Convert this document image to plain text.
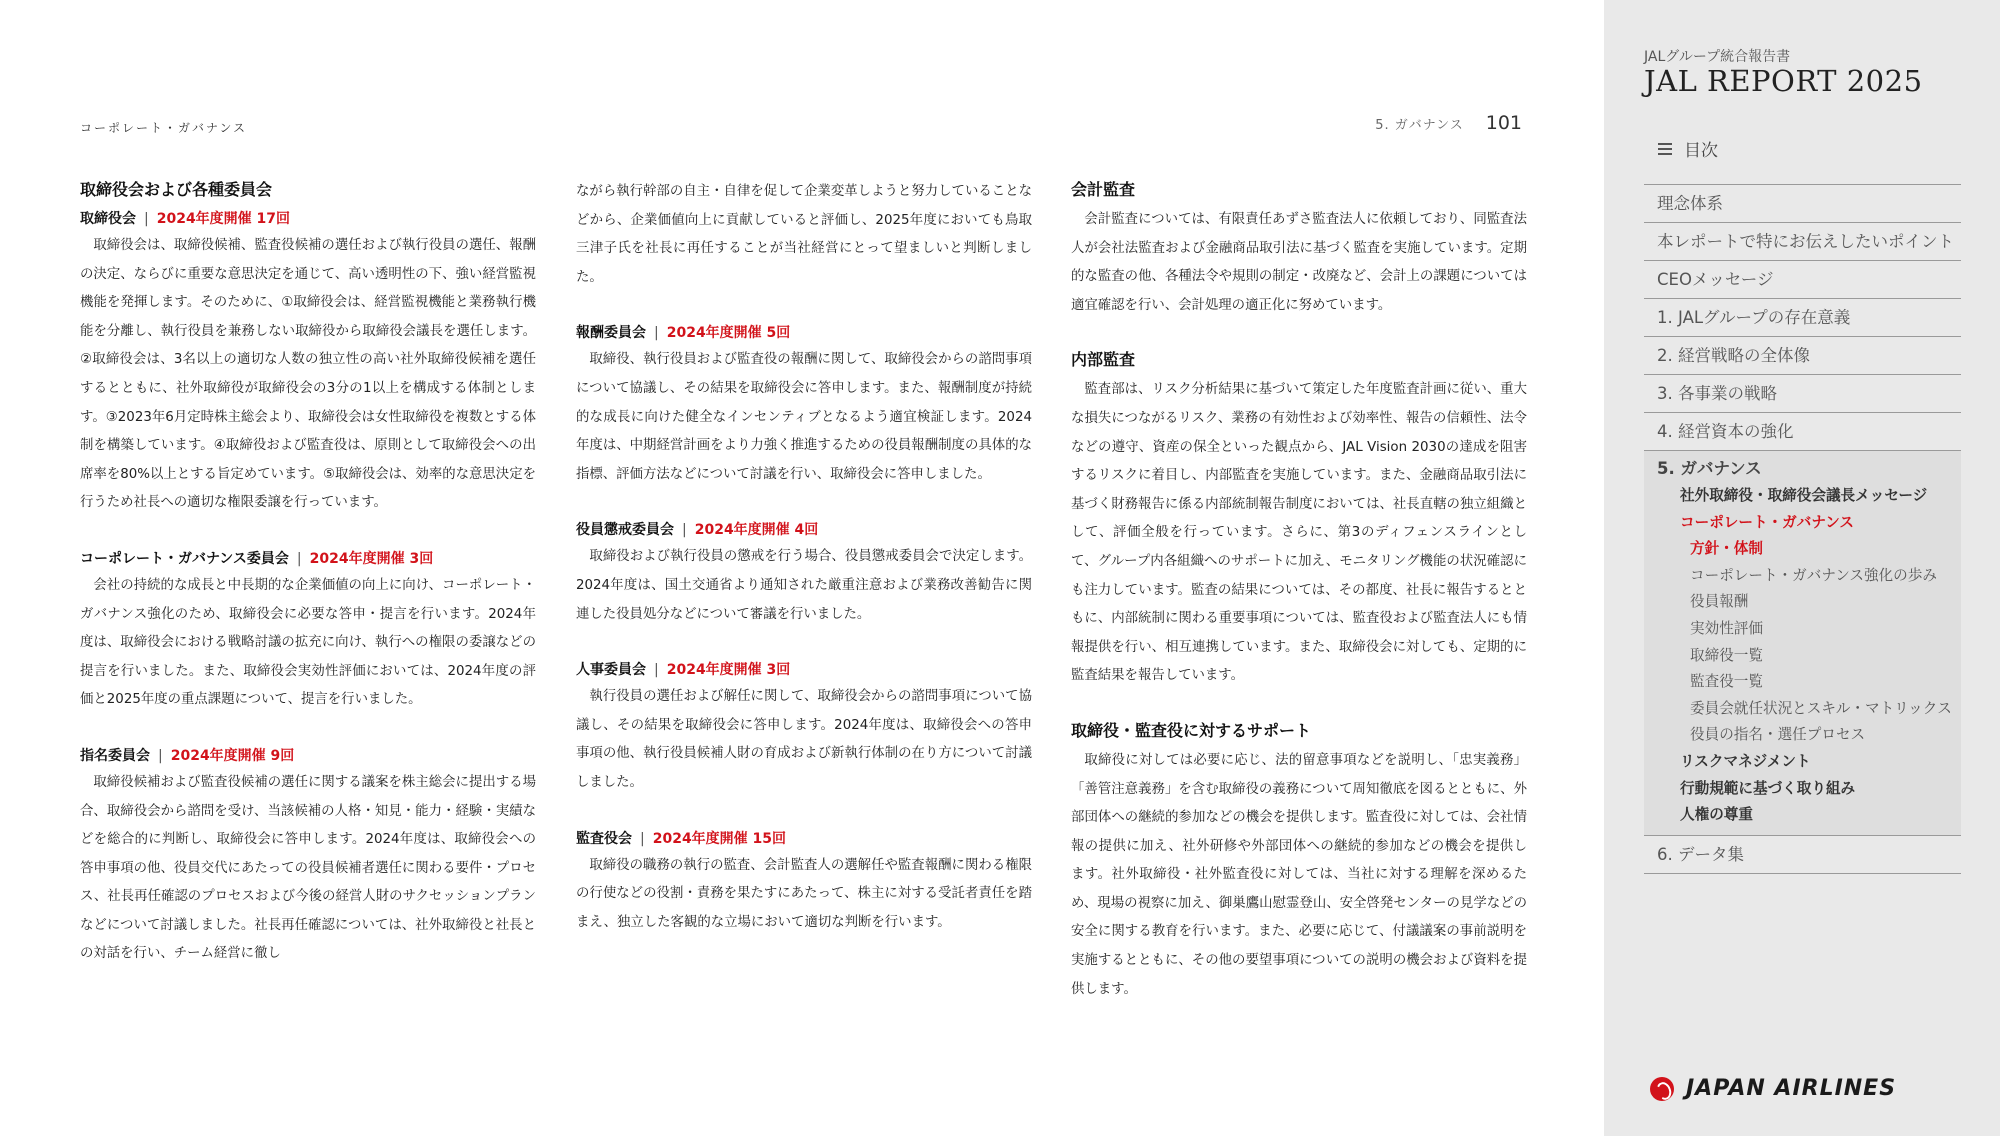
コーポレート・ガバナンス	5. ガバナンス 101
取締役会および各種委員会
取締役会 | 2024年度開催 17回

取締役会は、取締役候補、監査役候補の選任および執行役員の選任、報酬の決定、ならびに重要な意思決定を通じて、高い透明性の下、強い経営監視機能を発揮します。そのために、①取締役会は、経営監視機能と業務執行機能を分離し、執行役員を兼務しない取締役から取締役会議長を選任します。②取締役会は、3名以上の適切な人数の独立性の高い社外取締役候補を選任するとともに、社外取締役が取締役会の3分の1以上を構成する体制とします。③2023年6月定時株主総会より、取締役会は女性取締役を複数とする体制を構築しています。④取締役および監査役は、原則として取締役会への出席率を80%以上とする旨定めています。⑤取締役会は、効率的な意思決定を行うため社長への適切な権限委譲を行っています。

コーポレート・ガバナンス委員会 | 2024年度開催 3回

会社の持続的な成長と中長期的な企業価値の向上に向け、コーポレート・ガバナンス強化のため、取締役会に必要な答申・提言を行います。2024年度は、取締役会における戦略討議の拡充に向け、執行への権限の委譲などの提言を行いました。また、取締役会実効性評価においては、2024年度の評価と2025年度の重点課題について、提言を行いました。

指名委員会 | 2024年度開催 9回

取締役候補および監査役候補の選任に関する議案を株主総会に提出する場合、取締役会から諮問を受け、当該候補の人格・知見・能力・経験・実績などを総合的に判断し、取締役会に答申します。2024年度は、取締役会への答申事項の他、役員交代にあたっての役員候補者選任に関わる要件・プロセス、社長再任確認のプロセスおよび今後の経営人財のサクセッションプランなどについて討議しました。社長再任確認については、社外取締役と社長との対話を行い、チーム経営に徹し

ながら執行幹部の自主・自律を促して企業変革しようと努力していることなどから、企業価値向上に貢献していると評価し、2025年度においても鳥取三津子氏を社長に再任することが当社経営にとって望ましいと判断しました。

報酬委員会 | 2024年度開催 5回

取締役、執行役員および監査役の報酬に関して、取締役会からの諮問事項について協議し、その結果を取締役会に答申します。また、報酬制度が持続的な成長に向けた健全なインセンティブとなるよう適宜検証します。2024年度は、中期経営計画をより力強く推進するための役員報酬制度の具体的な指標、評価方法などについて討議を行い、取締役会に答申しました。

役員懲戒委員会 | 2024年度開催 4回

取締役および執行役員の懲戒を行う場合、役員懲戒委員会で決定します。2024年度は、国土交通省より通知された厳重注意および業務改善勧告に関連した役員処分などについて審議を行いました。

人事委員会 | 2024年度開催 3回

執行役員の選任および解任に関して、取締役会からの諮問事項について協議し、その結果を取締役会に答申します。2024年度は、取締役会への答申事項の他、執行役員候補人財の育成および新執行体制の在り方について討議しました。

監査役会 | 2024年度開催 15回

取締役の職務の執行の監査、会計監査人の選解任や監査報酬に関わる権限の行使などの役割・責務を果たすにあたって、株主に対する受託者責任を踏まえ、独立した客観的な立場において適切な判断を行います。

会計監査

会計監査については、有限責任あずさ監査法人に依頼しており、同監査法人が会社法監査および金融商品取引法に基づく監査を実施しています。定期的な監査の他、各種法令や規則の制定・改廃など、会計上の課題については適宜確認を行い、会計処理の適正化に努めています。

内部監査

監査部は、リスク分析結果に基づいて策定した年度監査計画に従い、重大な損失につながるリスク、業務の有効性および効率性、報告の信頼性、法令などの遵守、資産の保全といった観点から、JAL Vision 2030の達成を阻害するリスクに着目し、内部監査を実施しています。また、金融商品取引法に基づく財務報告に係る内部統制報告制度においては、社長直轄の独立組織として、評価全般を行っています。さらに、第3のディフェンスラインとして、グループ内各組織へのサポートに加え、モニタリング機能の状況確認にも注力しています。監査の結果については、その都度、社長に報告するとともに、内部統制に関わる重要事項については、監査役および監査法人にも情報提供を行い、相互連携しています。また、取締役会に対しても、定期的に監査結果を報告しています。

取締役・監査役に対するサポート

取締役に対しては必要に応じ、法的留意事項などを説明し、「忠実義務」「善管注意義務」を含む取締役の義務について周知徹底を図るとともに、外部団体への継続的参加などの機会を提供します。監査役に対しては、会社情報の提供に加え、社外研修や外部団体への継続的参加などの機会を提供します。社外取締役・社外監査役に対しては、当社に対する理解を深めるため、現場の視察に加え、御巣鷹山慰霊登山、安全啓発センターの見学などの安全に関する教育を行います。また、必要に応じて、付議議案の事前説明を実施するとともに、その他の要望事項についての説明の機会および資料を提供します。

JALグループ統合報告書
JAL REPORT 2025
目次
理念体系
本レポートで特にお伝えしたいポイント
CEOメッセージ
1. JALグループの存在意義
2. 経営戦略の全体像
3. 各事業の戦略
4. 経営資本の強化
5. ガバナンス
社外取締役・取締役会議長メッセージ
コーポレート・ガバナンス
方針・体制
コーポレート・ガバナンス強化の歩み
役員報酬
実効性評価
取締役一覧
監査役一覧
委員会就任状況とスキル・マトリックス
役員の指名・選任プロセス
リスクマネジメント
行動規範に基づく取り組み
人権の尊重
6. データ集
JAPAN AIRLINES
